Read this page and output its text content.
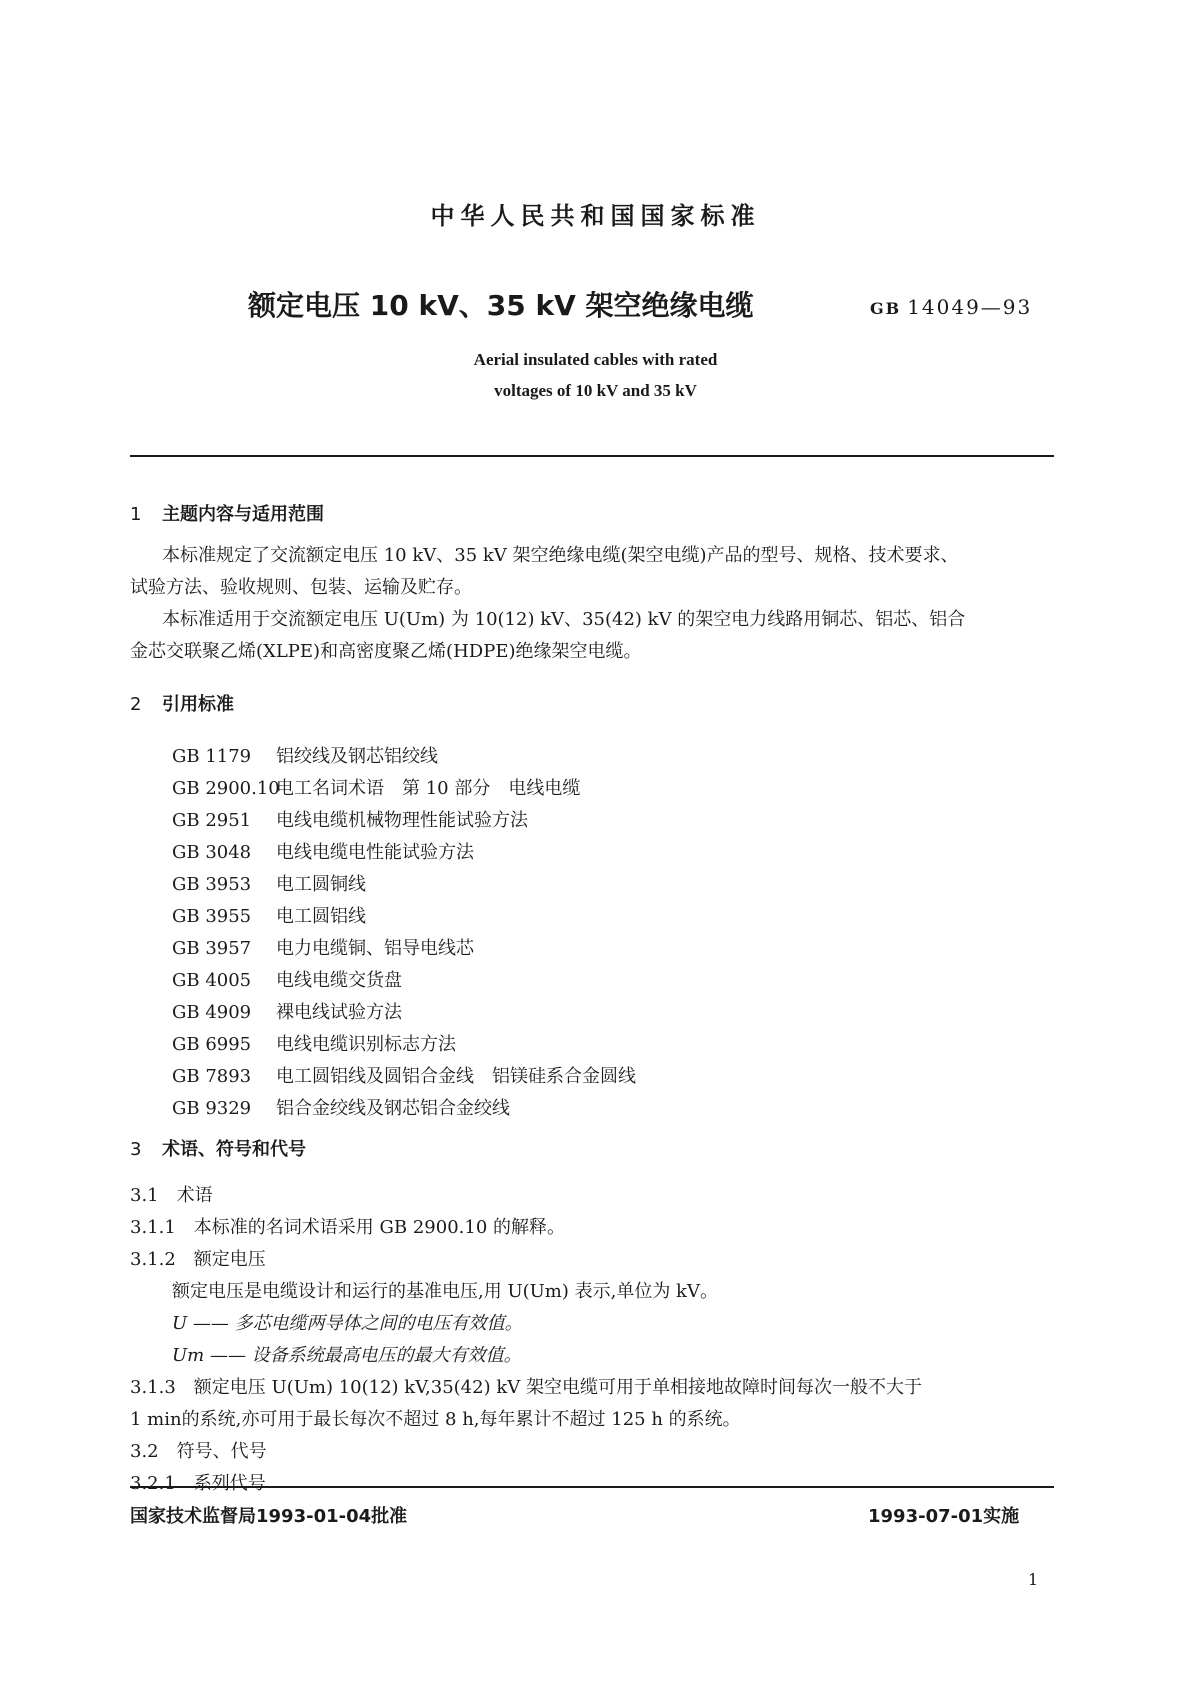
中华人民共和国国家标准
额定电压 10 kV、35 kV 架空绝缘电缆	GB 14049—93
Aerial insulated cables with rated
voltages of 10 kV and 35 kV
1 主题内容与适用范围
本标准规定了交流额定电压 10 kV、35 kV 架空绝缘电缆(架空电缆)产品的型号、规格、技术要求、
试验方法、验收规则、包装、运输及贮存。
本标准适用于交流额定电压 U(Um) 为 10(12) kV、35(42) kV 的架空电力线路用铜芯、铝芯、铝合
金芯交联聚乙烯(XLPE)和高密度聚乙烯(HDPE)绝缘架空电缆。
2 引用标准
GB 1179 铝绞线及钢芯铝绞线
GB 2900.10电工名词术语　第 10 部分　电线电缆
GB 2951 电线电缆机械物理性能试验方法
GB 3048 电线电缆电性能试验方法
GB 3953 电工圆铜线
GB 3955 电工圆铝线
GB 3957 电力电缆铜、铝导电线芯
GB 4005 电线电缆交货盘
GB 4909 裸电线试验方法
GB 6995 电线电缆识别标志方法
GB 7893 电工圆铝线及圆铝合金线　铝镁硅系合金圆线
GB 9329 铝合金绞线及钢芯铝合金绞线
3 术语、符号和代号
3.1　术语
3.1.1　本标准的名词术语采用 GB 2900.10 的解释。
3.1.2　额定电压
额定电压是电缆设计和运行的基准电压,用 U(Um) 表示,单位为 kV。
U —— 多芯电缆两导体之间的电压有效值。
Um —— 设备系统最高电压的最大有效值。
3.1.3　额定电压 U(Um) 10(12) kV,35(42) kV 架空电缆可用于单相接地故障时间每次一般不大于
1 min的系统,亦可用于最长每次不超过 8 h,每年累计不超过 125 h 的系统。
3.2　符号、代号
3.2.1　系列代号
国家技术监督局1993-01-04批准	1993-07-01实施
1
